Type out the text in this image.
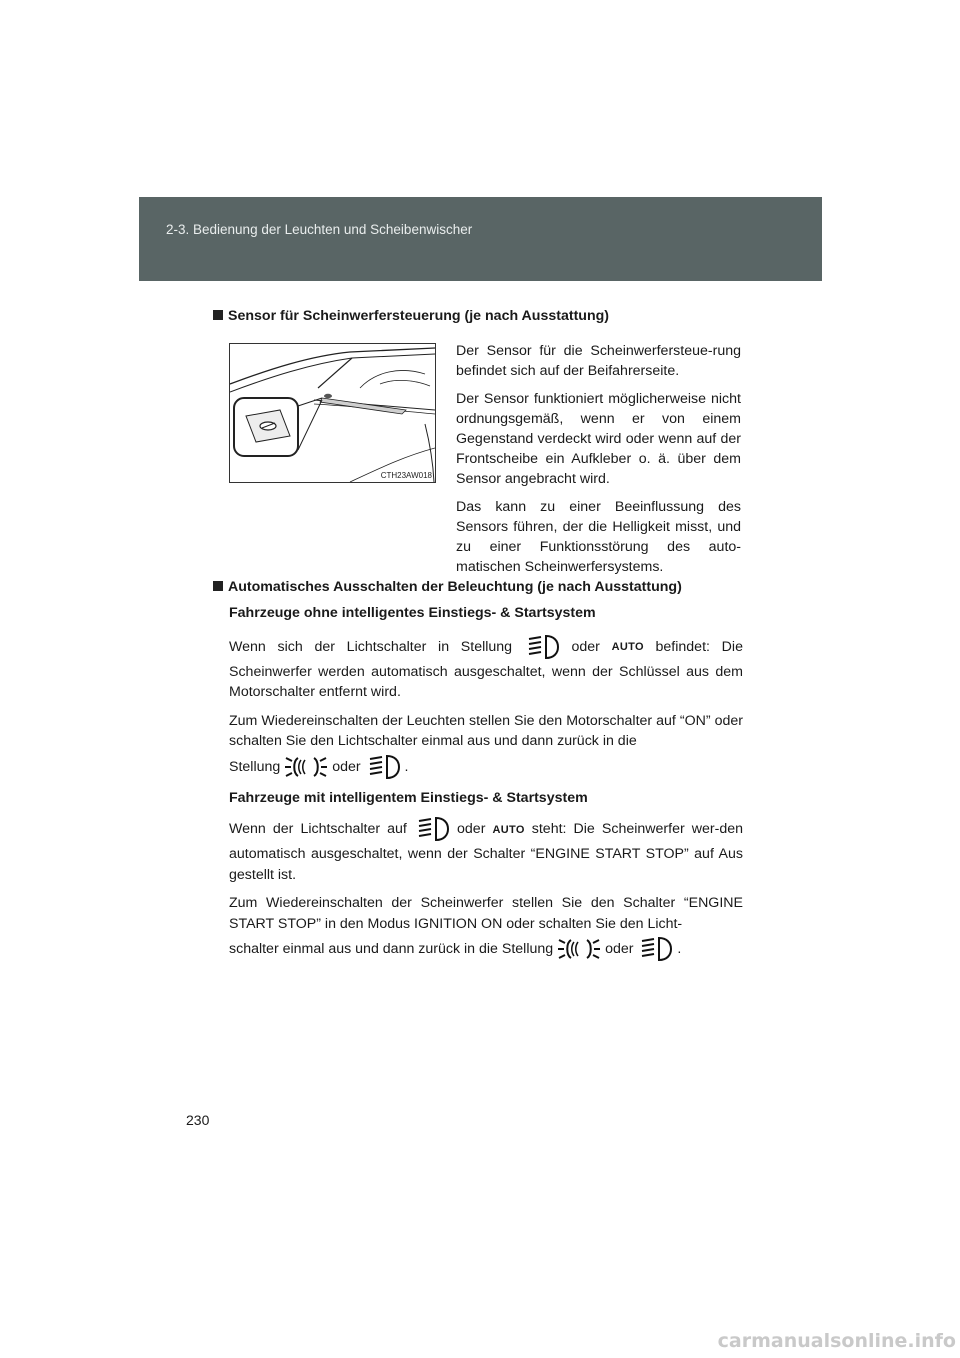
2-3. Bedienung der Leuchten und Scheibenwischer
Sensor für Scheinwerfersteuerung (je nach Ausstattung)
CTH23AW018

Der Sensor für die Scheinwerfersteue-rung befindet sich auf der Beifahrerseite.

Der Sensor funktioniert möglicherweise nicht ordnungsgemäß, wenn er von einem Gegenstand verdeckt wird oder wenn auf der Frontscheibe ein Aufkleber o. ä. über dem Sensor angebracht wird.

Das kann zu einer Beeinflussung des Sensors führen, der die Helligkeit misst, und zu einer Funktionsstörung des auto-matischen Scheinwerfersystems.

Automatisches Ausschalten der Beleuchtung (je nach Ausstattung)

Fahrzeuge ohne intelligentes Einstiegs- & Startsystem

Wenn sich der Lichtschalter in Stellung	oder AUTO befindet: Die Scheinwerfer werden automatisch ausgeschaltet, wenn der Schlüssel aus dem Motorschalter entfernt wird.

Zum Wiedereinschalten der Leuchten stellen Sie den Motorschalter auf “ON” oder schalten Sie den Lichtschalter einmal aus und dann zurück in die

Stellung	oder	.

Fahrzeuge mit intelligentem Einstiegs- & Startsystem

Wenn der Lichtschalter auf	oder AUTO steht: Die Scheinwerfer wer-den automatisch ausgeschaltet, wenn der Schalter “ENGINE START STOP” auf Aus gestellt ist.

Zum Wiedereinschalten der Scheinwerfer stellen Sie den Schalter “ENGINE START STOP” in den Modus IGNITION ON oder schalten Sie den Licht-

schalter einmal aus und dann zurück in die Stellung	oder	.

230
carmanualsonline.info
